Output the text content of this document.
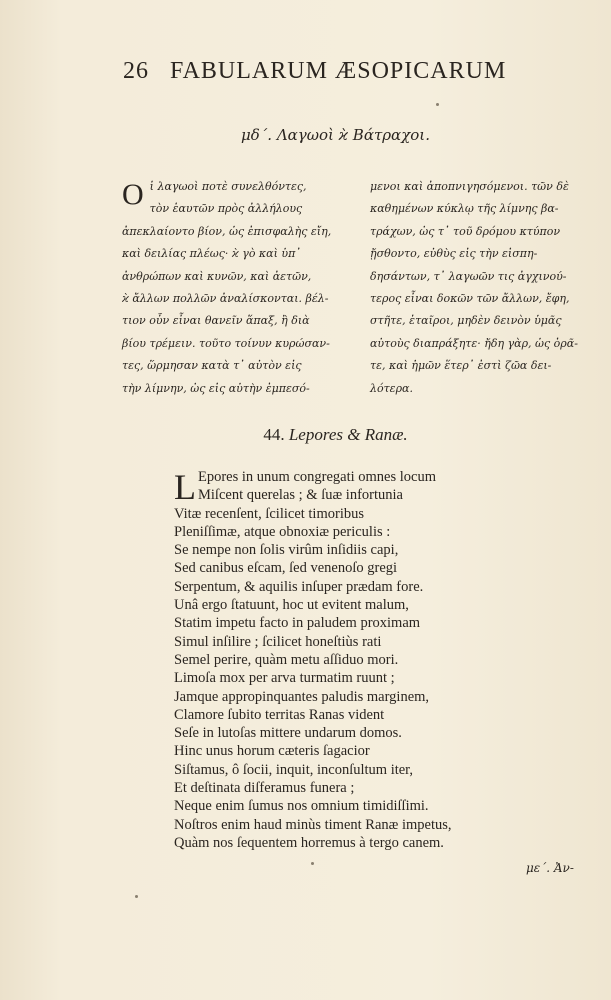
26 FABULARUM ÆSOPICARUM
μδ΄. Λαγωοὶ ϰ̀ Βάτραχοι.
Ο ἱ λαγωοὶ ποτὲ συνελθόντες,
τὸν ἑαυτῶν πρὸς ἀλλήλους
ἀπεκλαίοντο βίον, ὡς ἐπισφαλὴς εἴη,
καὶ δειλίας πλέως· ϰ̀ γὸ καὶ ὑπ᾽
ἀνθρώπων καὶ κυνῶν, καὶ ἀετῶν,
ϰ̀ ἄλλων πολλῶν ἀναλίσκονται. βέλ-
τιον οὖν εἶναι θανεῖν ἅπαξ, ἢ διὰ
βίου τρέμειν. τοῦτο τοίνυν κυρώσαν-
τες, ὥρμησαν κατὰ τ᾽ αὐτὸν εἰς
τὴν λίμνην, ὡς εἰς αὐτὴν ἐμπεσό-
μενοι καὶ ἀποπνιγησόμενοι. τῶν δὲ
καθημένων κύκλῳ τῆς λίμνης βα-
τράχων, ὡς τ᾽ τοῦ δρόμου κτύπον
ᾔσθοντο, εὐθὺς εἰς τὴν εἰσπη-
δησάντων, τ᾽ λαγωῶν τις ἀγχινού-
τερος εἶναι δοκῶν τῶν ἄλλων, ἔφη,
στῆτε, ἑταῖροι, μηδὲν δεινὸν ὑμᾶς
αὐτοὺς διαπράξητε· ἤδη γὰρ, ὡς ὁρᾶ-
τε, καὶ ἡμῶν ἕτερ᾽ ἐστὶ ζῶα δει-
λότερα.
44. Lepores & Ranæ.
L Epores in unum congregati omnes locum
Miſcent querelas ; & ſuæ infortunia
Vitæ recenſent, ſcilicet timoribus
Pleniſſimæ, atque obnoxiæ periculis :
Se nempe non ſolis virûm inſidiis capi,
Sed canibus eſcam, ſed venenoſo gregi
Serpentum, & aquilis inſuper prædam fore.
Unâ ergo ſtatuunt, hoc ut evitent malum,
Statim impetu facto in paludem proximam
Simul inſilire ; ſcilicet honeſtiùs rati
Semel perire, quàm metu aſſiduo mori.
Limoſa mox per arva turmatim ruunt ;
Jamque appropinquantes paludis marginem,
Clamore ſubito territas Ranas vident
Seſe in lutoſas mittere undarum domos.
Hinc unus horum cæteris ſagacior
Siſtamus, ô ſocii, inquit, inconſultum iter,
Et deſtinata diſferamus funera ;
Neque enim ſumus nos omnium timidiſſimi.
Noſtros enim haud minùs timent Ranæ impetus,
Quàm nos ſequentem horremus à tergo canem.
με΄. Ἀν-
